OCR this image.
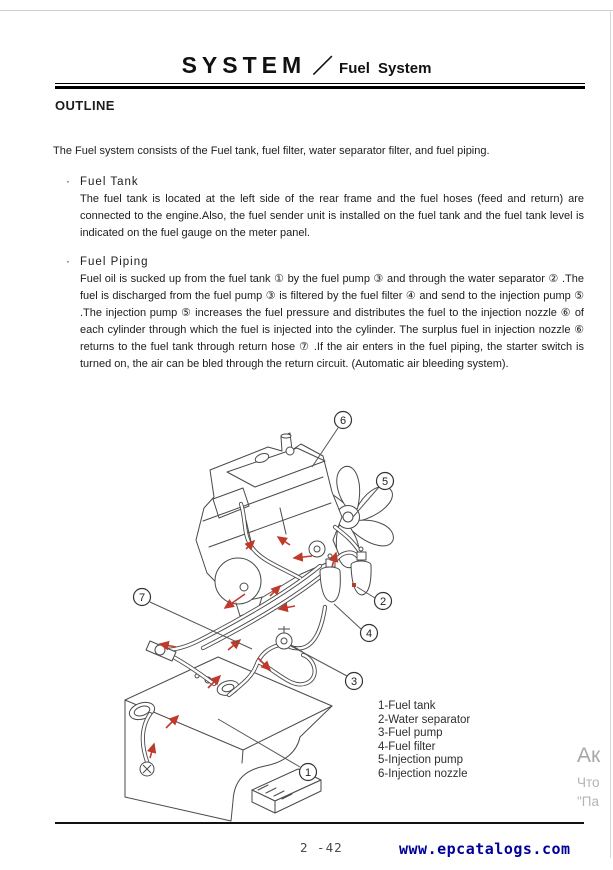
SYSTEM ／ Fuel System
OUTLINE

The Fuel system consists of the Fuel tank, fuel filter, water separator filter, and fuel piping.

· Fuel Tank

The fuel tank is located at the left side of the rear frame and the fuel hoses (feed and return) are connected to the engine.Also, the fuel sender unit is installed on the fuel tank and the fuel tank level is indicated on the fuel gauge on the meter panel.

· Fuel Piping

Fuel oil is sucked up from the fuel tank ① by the fuel pump ③ and through the water separator ② .The fuel is discharged from the fuel pump ③ is filtered by the fuel filter ④ and send to the injection pump ⑤ .The injection pump ⑤ increases the fuel pressure and distributes the fuel to the injection nozzle ⑥ of each cylinder through which the fuel is injected into the cylinder. The surplus fuel in injection nozzle ⑥ returns to the fuel tank through return hose ⑦ .If the air enters in the fuel piping, the starter switch is turned on, the air can be bled through the return circuit. (Automatic air bleeding system).

6
5
7	2
4
3
1
1-Fuel tank
2-Water separator
3-Fuel pump
4-Fuel filter
5-Injection pump
6-Injection nozzle
2 -42	www.epcatalogs.com
Ак
Что
"Па
